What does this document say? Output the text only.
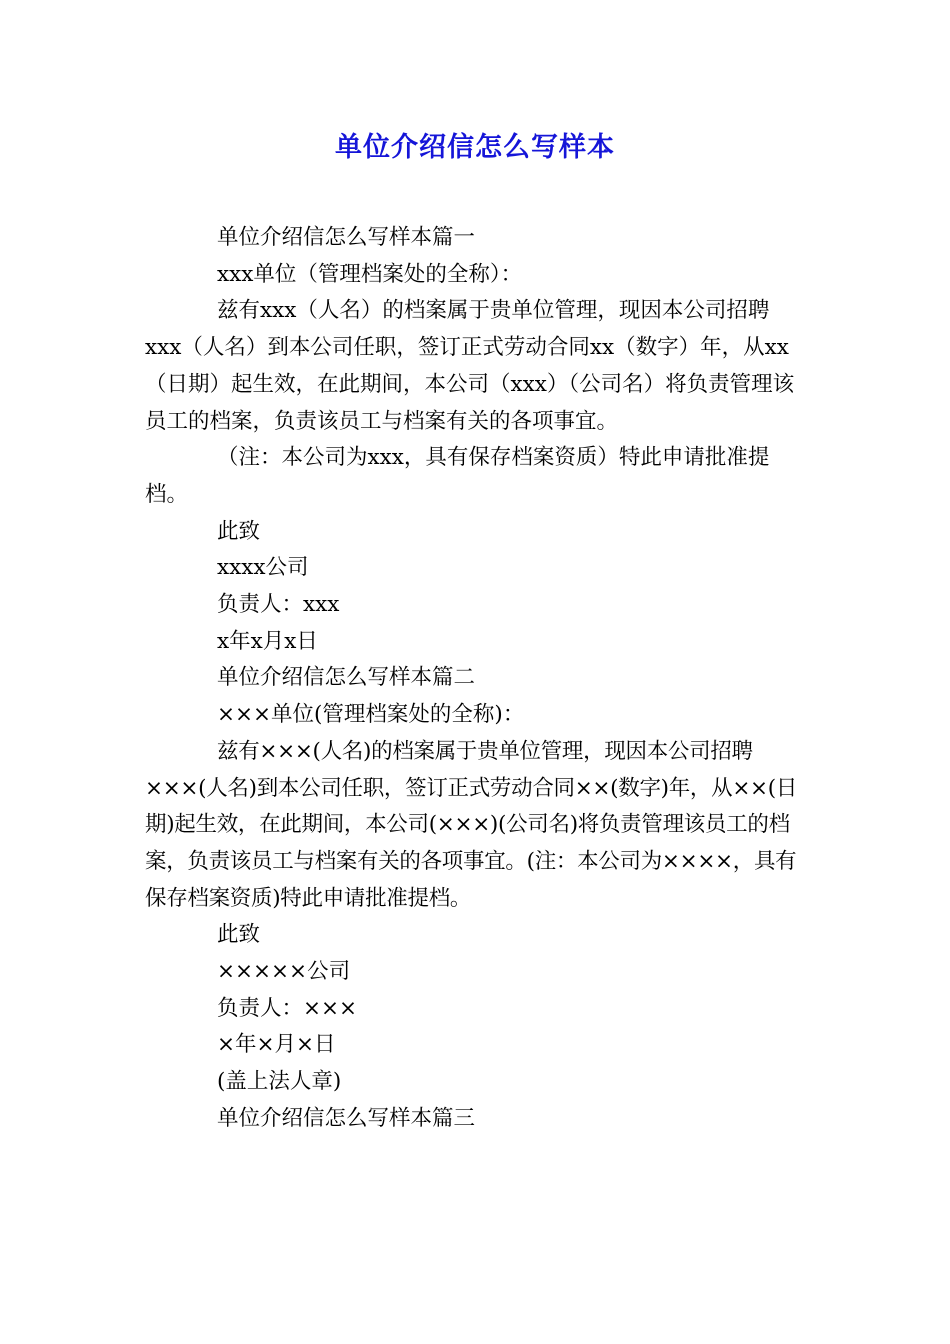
单位介绍信怎么写样本

单位介绍信怎么写样本篇一

xxx单位（管理档案处的全称）：

兹有xxx（人名）的档案属于贵单位管理，现因本公司招聘xxx（人名）到本公司任职，签订正式劳动合同xx（数字）年，从xx（日期）起生效，在此期间，本公司（xxx）（公司名）将负责管理该员工的档案，负责该员工与档案有关的各项事宜。

（注：本公司为xxx，具有保存档案资质）特此申请批准提档。

此致

xxxx公司

负责人：xxx

x年x月x日

单位介绍信怎么写样本篇二

×××单位(管理档案处的全称)：

兹有×××(人名)的档案属于贵单位管理，现因本公司招聘×××(人名)到本公司任职，签订正式劳动合同××(数字)年，从××(日期)起生效，在此期间，本公司(×××)(公司名)将负责管理该员工的档案，负责该员工与档案有关的各项事宜。(注：本公司为××××，具有保存档案资质)特此申请批准提档。

此致

×××××公司

负责人：×××

×年×月×日

(盖上法人章)

单位介绍信怎么写样本篇三
